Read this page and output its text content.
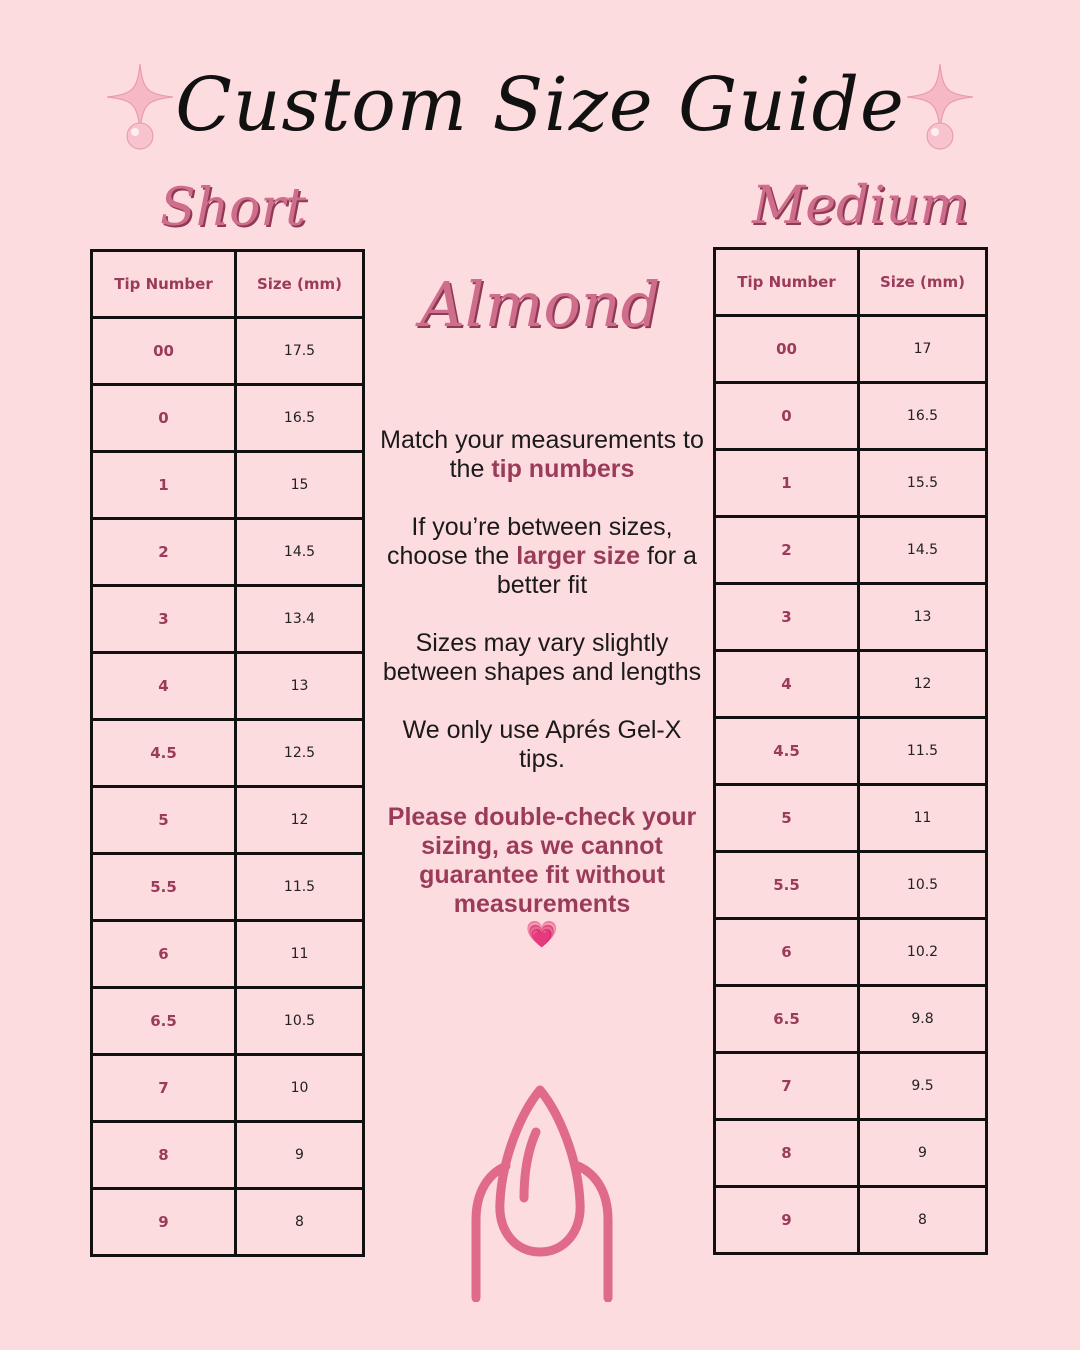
Custom Size Guide
Short	Medium
Almond
Tip Number	Size (mm)
00	17.5
0	16.5
1	15
2	14.5
3	13.4
4	13
4.5	12.5
5	12
5.5	11.5
6	11
6.5	10.5
7	10
8	9
9	8
Tip Number	Size (mm)
00	17
0	16.5
1	15.5
2	14.5
3	13
4	12
4.5	11.5
5	11
5.5	10.5
6	10.2
6.5	9.8
7	9.5
8	9
9	8

Match your measurements to the tip numbers

If you’re between sizes, choose the larger size for a better fit

Sizes may vary slightly between shapes and lengths

We only use Aprés Gel-X tips.

Please double-check your sizing, as we cannot guarantee fit without measurements
💗
